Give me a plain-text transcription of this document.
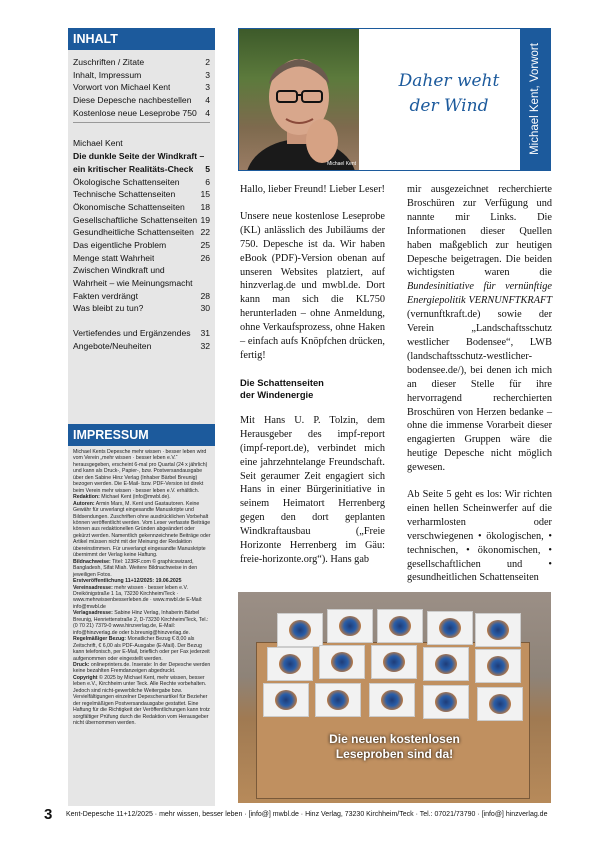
INHALT
Zuschriften / Zitate	2
Inhalt, Impressum	3
Vorwort von Michael Kent	3
Diese Depesche nachbestellen 4
Kostenlose neue Leseprobe 750 4
Michael Kent
Die dunkle Seite der Windkraft –
ein kritischer Realitäts-Check 5
Ökologische Schattenseiten	6
Technische Schattenseiten	15
Ökonomische Schattenseiten 18
Gesellschaftliche Schattenseiten 19
Gesundheitliche Schattenseiten 22
Das eigentliche Problem	25
Menge statt Wahrheit	26
Zwischen Windkraft und
Wahrheit – wie Meinungsmacht
Fakten verdrängt	28
Was bleibt zu tun?	30
Vertiefendes und Ergänzendes 31
Angebote/Neuheiten	32
IMPRESSUM

Michael Kents Depesche mehr wissen · besser leben wird vom Verein „mehr wissen · besser leben e.V.“ herausgegeben, erscheint 6-mal pro Quartal (24 x jährlich) und kann als Druck-, Papier-, bzw. Postversandausgabe über den Sabine Hinz Verlag (Inhaber Bärbel Breunig) bezogen werden. Die E-Mail- bzw. PDF-Version ist direkt beim Verein mehr wissen · besser leben e.V. erhältlich.

Redaktion: Michael Kent (info@mwbl.de).

Autoren: Armin Marx, M. Kent und Gastautoren. Keine Gewähr für unverlangt eingesandte Manuskripte und Bildsendungen. Zuschriften ohne ausdrücklichen Vorbehalt können veröffentlicht werden. Vom Leser verfasste Beiträge können aus redaktionellen Gründen abgeändert oder gekürzt werden. Namentlich gekennzeichnete Beiträge oder Artikel müssen nicht mit der Meinung der Redaktion übereinstimmen. Für unverlangt eingesandte Manuskripte übernimmt der Verlag keine Haftung.

Bildnachweise: Titel: 123RF.com © graphicswizard, Bangladesh, Sifat Miah. Weitere Bildnachweise in den jeweiligen Fotos.

Erstveröffentlichung 11+12/2025: 19.06.2025

Vereinsadresse: mehr wissen · besser leben e.V. Dreikönigstraße 1 1a, 73230 Kirchheim/Teck · www.mehrwissenbesserleben.de · www.mwbl.de E-Mail: info@mwbl.de

Verlagsadresse: Sabine Hinz Verlag, Inhaberin Bärbel Breunig, Henriettenstraße 2, D-73230 Kirchheim/Teck, Tel.: (0 70 21) 7379-0 www.hinzverlag.de, E-Mail: info@hinzverlag.de oder b.breunig@hinzverlag.de.

Regelmäßiger Bezug: Monatlicher Bezug € 8,00 als Zeitschrift, € 6,00 als PDF-Ausgabe (E-Mail). Der Bezug kann telefonisch, per E-Mail, brieflich oder per Fax jederzeit aufgenommen oder eingestellt werden.

Druck: onlineprinters.de. Inserate: In der Depesche werden keine bezahlten Fremdanzeigen abgedruckt.

Copyright © 2025 by Michael Kent, mehr wissen, besser leben e.V., Kirchheim unter Teck. Alle Rechte vorbehalten. Jedoch sind nicht-gewerbliche Weitergabe bzw. Vervielfältigungen einzelner Depeschenartikel für Bezieher der regelmäßigen Postversandausgabe gestattet. Eine Haftung für die Richtigkeit der Veröffentlichungen kann trotz sorgfältiger Prüfung durch die Redaktion vom Herausgeber nicht übernommen werden.

Michael Kent
Daher weht
der Wind	Michael Kent, Vorwort

Hallo, lieber Freund! Lieber Leser!

Unsere neue kostenlose Leseprobe (KL) anlässlich des Jubiläums der 750. Depesche ist da. Wir haben eBook (PDF)-Version obenan auf unseren Websites platziert, auf hinzverlag.de und mwbl.de. Dort kann man sich die KL750 herunterladen – ohne Anmeldung, ohne Verkaufsprozess, ohne Haken – einfach aufs Knöpfchen drücken, fertig!

Die Schattenseiten

der Windenergie

Mit Hans U. P. Tolzin, dem Herausgeber des impf-report (impf-report.de), verbindet mich eine jahrzehntelange Freundschaft. Seit geraumer Zeit engagiert sich Hans in einer Bürgerinitiative in seinem Heimatort Herrenberg gegen den dort geplanten Windkraftausbau („Freie Horizonte Herrenberg im Gäu: freie-horizonte.org“). Hans gab

mir ausgezeichnet recherchierte Broschüren zur Verfügung und nannte mir Links. Die Informationen dieser Quellen haben maßgeblich zur heutigen Depesche beigetragen. Die beiden wichtigsten waren die Bundesinitiative für vernünftige Energiepolitik VERNUNFTKRAFT (vernunftkraft.de) sowie der Verein „Landschaftsschutz westlicher Bodensee“, LWB (landschaftsschutz-westlicher-bodensee.de/), bei denen ich mich an dieser Stelle für ihre hervorragend recherchierten Broschüren von Herzen bedanke – ohne die immense Vorarbeit dieser engagierten Gruppen wäre die heutige Depesche nicht möglich gewesen.

Ab Seite 5 geht es los: Wir richten einen hellen Scheinwerfer auf die verharmlosten oder verschwiegenen • ökologischen, • technischen, • ökonomischen, • gesellschaftlichen und • gesundheitlichen Schattenseiten

Die neuen kostenlosen
Leseproben sind da!
3 Kent-Depesche 11+12/2025 · mehr wissen, besser leben · [info@] mwbl.de · Hinz Verlag, 73230 Kirchheim/Teck · Tel.: 07021/73790 · [info@] hinzverlag.de
